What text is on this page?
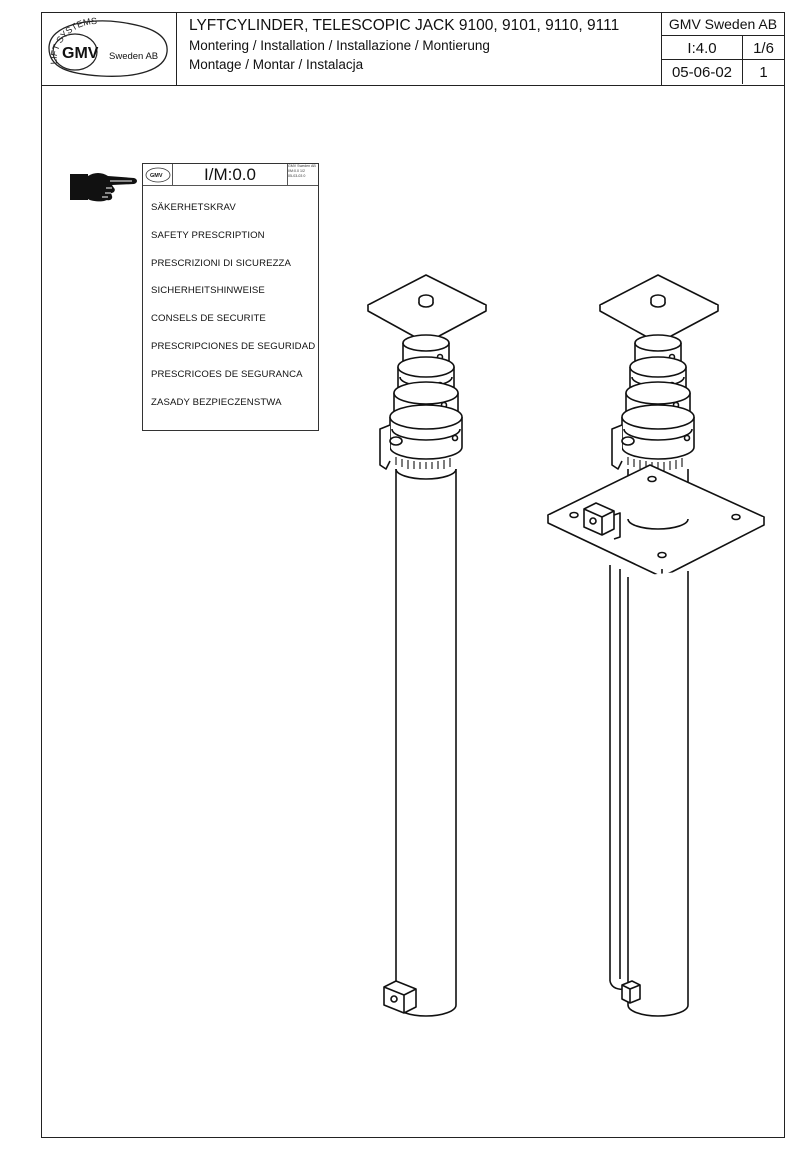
LIFT SYSTEMS
GMV Sweden AB
LYFTCYLINDER, TELESCOPIC JACK 9100, 9101, 9110, 9111
Montering / Installation / Installazione / Montierung
Montage / Montar / Instalacja
GMV Sweden AB
I:4.0	1/6
05-06-02	1
GMV	I/M:0.0	GMV Sweden AB
I/M:0.0 1/2
05-03-03 0
SÄKERHETSKRAV
SAFETY PRESCRIPTION
PRESCRIZIONI DI SICUREZZA
SICHERHEITSHINWEISE
CONSELS DE SECURITE
PRESCRIPCIONES DE SEGURIDAD
PRESCRICOES DE SEGURANCA
ZASADY BEZPIECZENSTWA
